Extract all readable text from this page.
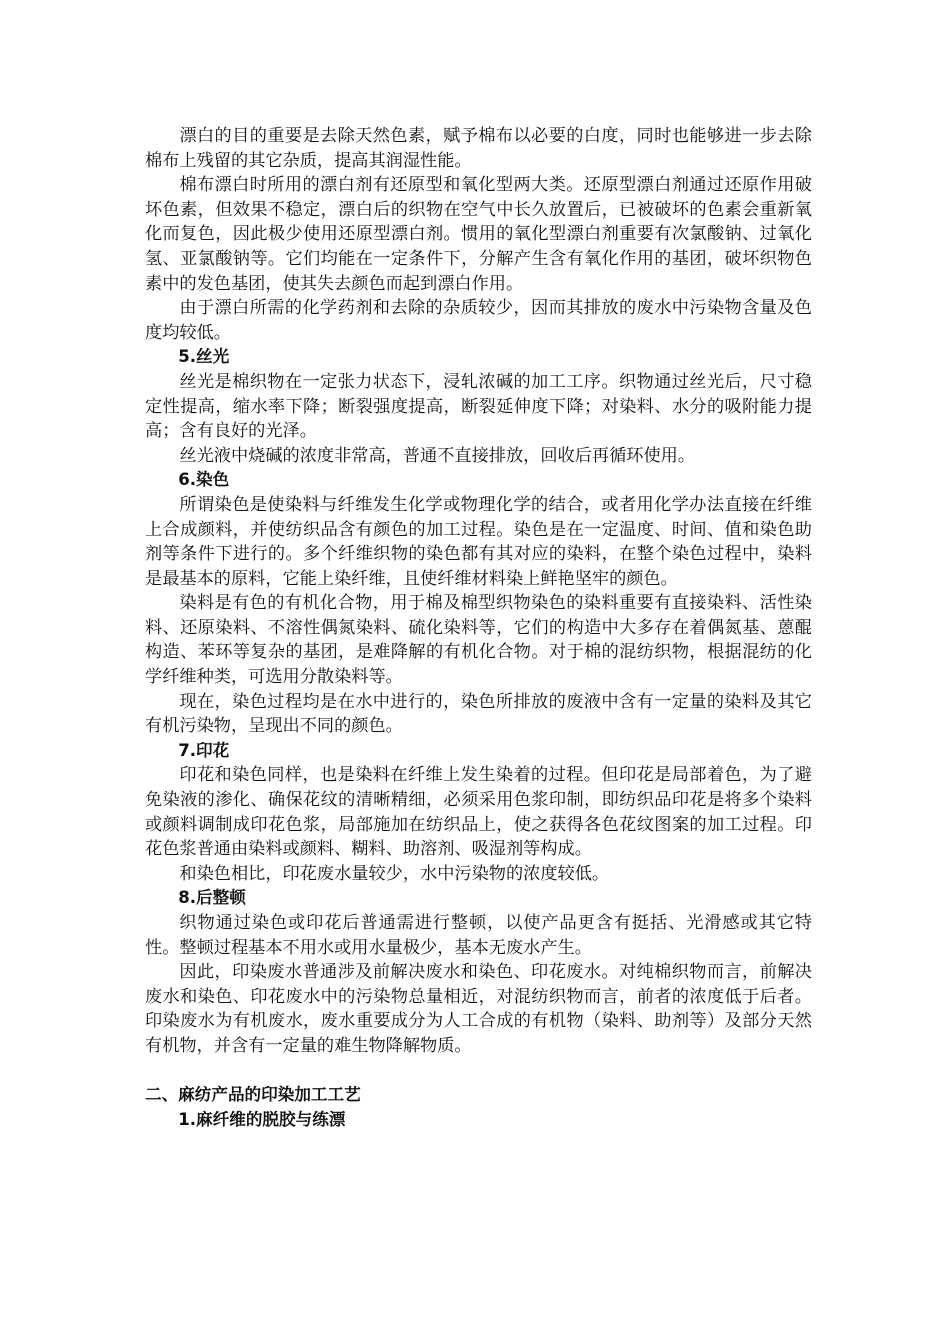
漂白的目的重要是去除天然色素，赋予棉布以必要的白度，同时也能够进一步去除棉布上残留的其它杂质，提高其润湿性能。

棉布漂白时所用的漂白剂有还原型和氧化型两大类。还原型漂白剂通过还原作用破坏色素，但效果不稳定，漂白后的织物在空气中长久放置后，已被破坏的色素会重新氧化而复色，因此极少使用还原型漂白剂。惯用的氧化型漂白剂重要有次氯酸钠、过氧化氢、亚氯酸钠等。它们均能在一定条件下，分解产生含有氧化作用的基团，破坏织物色素中的发色基团，使其失去颜色而起到漂白作用。

由于漂白所需的化学药剂和去除的杂质较少，因而其排放的废水中污染物含量及色度均较低。

5.丝光

丝光是棉织物在一定张力状态下，浸轧浓碱的加工工序。织物通过丝光后，尺寸稳定性提高，缩水率下降；断裂强度提高，断裂延伸度下降；对染料、水分的吸附能力提高；含有良好的光泽。

丝光液中烧碱的浓度非常高，普通不直接排放，回收后再循环使用。

6.染色

所谓染色是使染料与纤维发生化学或物理化学的结合，或者用化学办法直接在纤维上合成颜料，并使纺织品含有颜色的加工过程。染色是在一定温度、时间、值和染色助剂等条件下进行的。多个纤维织物的染色都有其对应的染料，在整个染色过程中，染料是最基本的原料，它能上染纤维，且使纤维材料染上鲜艳坚牢的颜色。

染料是有色的有机化合物，用于棉及棉型织物染色的染料重要有直接染料、活性染料、还原染料、不溶性偶氮染料、硫化染料等，它们的构造中大多存在着偶氮基、蒽醌构造、苯环等复杂的基团，是难降解的有机化合物。对于棉的混纺织物，根据混纺的化学纤维种类，可选用分散染料等。

现在，染色过程均是在水中进行的，染色所排放的废液中含有一定量的染料及其它有机污染物，呈现出不同的颜色。

7.印花

印花和染色同样，也是染料在纤维上发生染着的过程。但印花是局部着色，为了避免染液的渗化、确保花纹的清晰精细，必须采用色浆印制，即纺织品印花是将多个染料或颜料调制成印花色浆，局部施加在纺织品上，使之获得各色花纹图案的加工过程。印花色浆普通由染料或颜料、糊料、助溶剂、吸湿剂等构成。

和染色相比，印花废水量较少，水中污染物的浓度较低。

8.后整顿

织物通过染色或印花后普通需进行整顿，以使产品更含有挺括、光滑感或其它特性。整顿过程基本不用水或用水量极少，基本无废水产生。

因此，印染废水普通涉及前解决废水和染色、印花废水。对纯棉织物而言，前解决废水和染色、印花废水中的污染物总量相近，对混纺织物而言，前者的浓度低于后者。印染废水为有机废水，废水重要成分为人工合成的有机物（染料、助剂等）及部分天然有机物，并含有一定量的难生物降解物质。

二、麻纺产品的印染加工工艺

1.麻纤维的脱胶与练漂
